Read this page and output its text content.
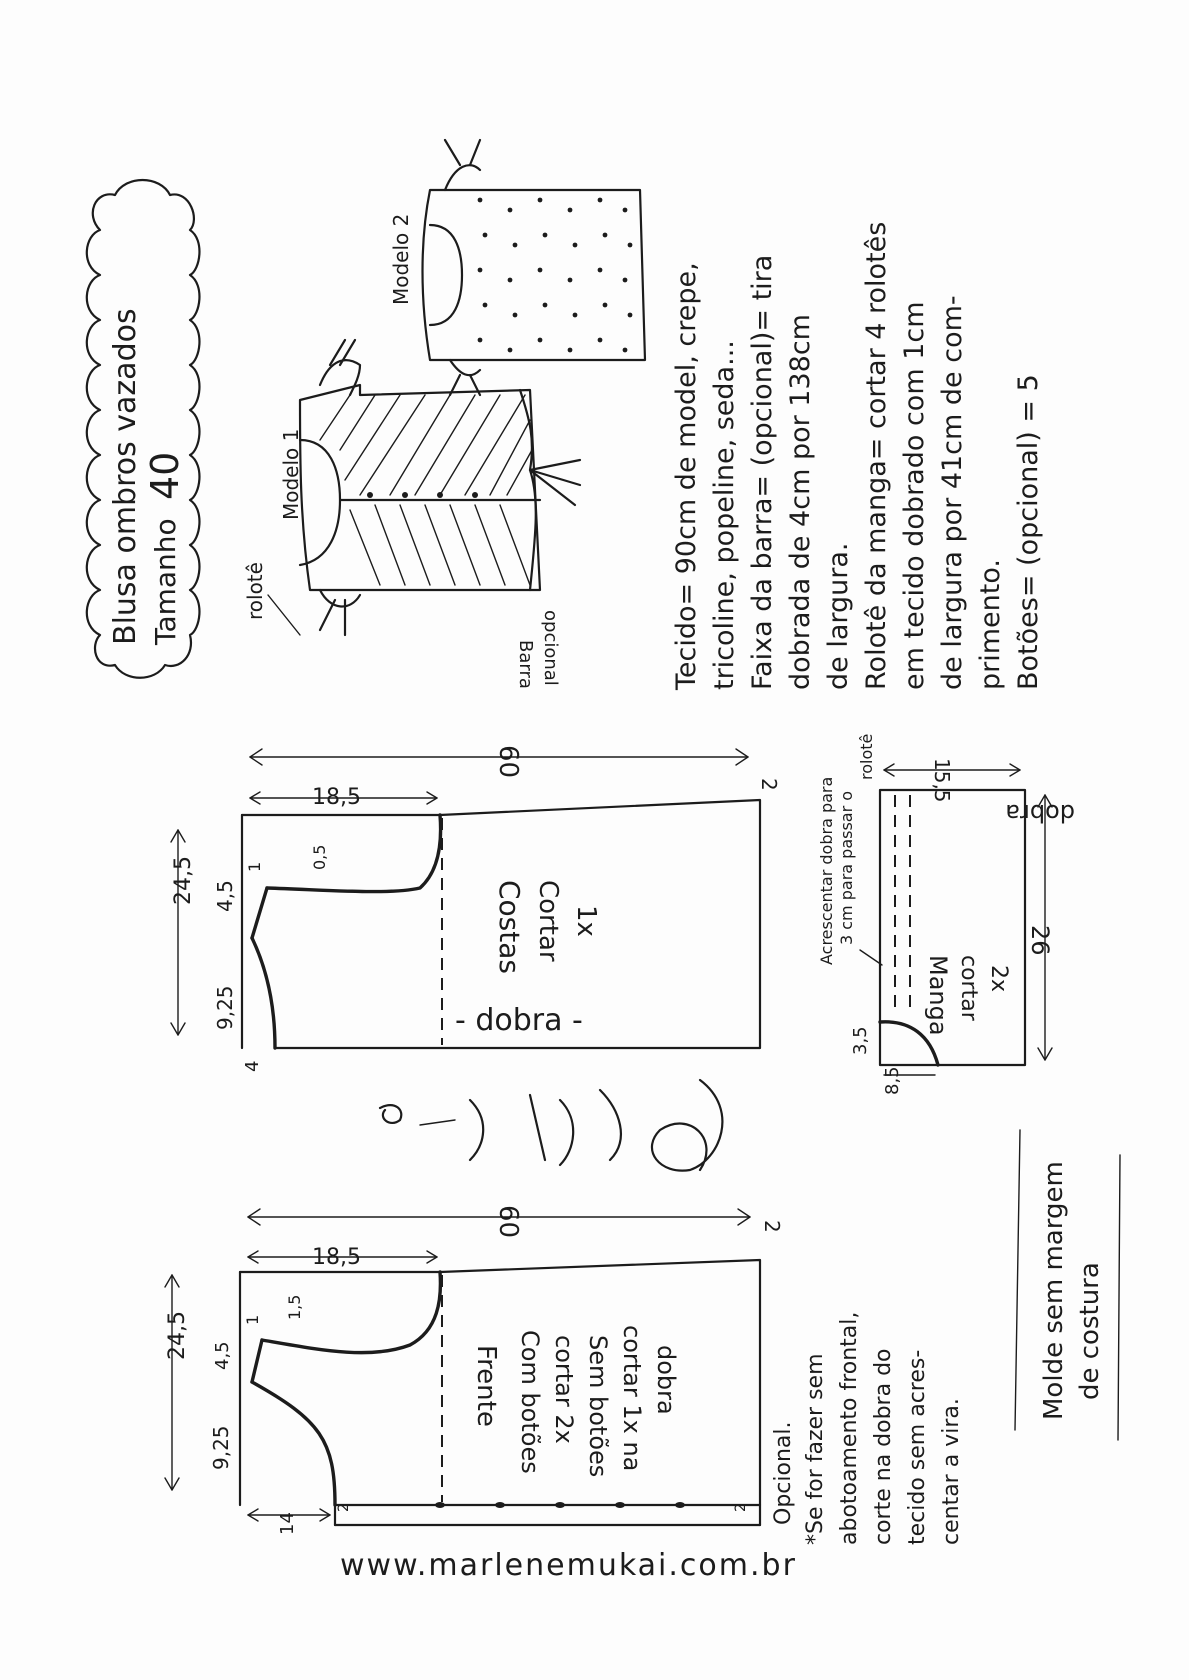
Blusa ombros vazados Tamanho
40	Modelo 1
rolotê
Barra opcional
Modelo 2
Tecido= 90cm de model, crepe, tricoline, popeline, seda... Faixa da barra= (opcional)= tira dobrada de 4cm por 138cm de largura. Rolotê da manga= cortar 4 rolotês em tecido dobrado com 1cm de largura por 41cm de com- primento. Botões= (opcional) = 5
60
2
18,5
24,5
9,25
4,5
1	0,5
4
Costas Cortar 1x
- dobra -
15,5
26
3,5
8,5
dobra
Manga cortar 2x
Acrescentar dobra para 3 cm para passar o
rolotê
60	2
18,5
24,5
9,25
4,5
1 1,5
14
2	2
Frente Com botões cortar 2x Sem botões cortar 1x na dobra
Opcional. *Se for fazer sem abotoamento frontal, corte na dobra do tecido sem acres- centar a vira.
Molde sem margem de costura
www.marlenemukai.com.br
